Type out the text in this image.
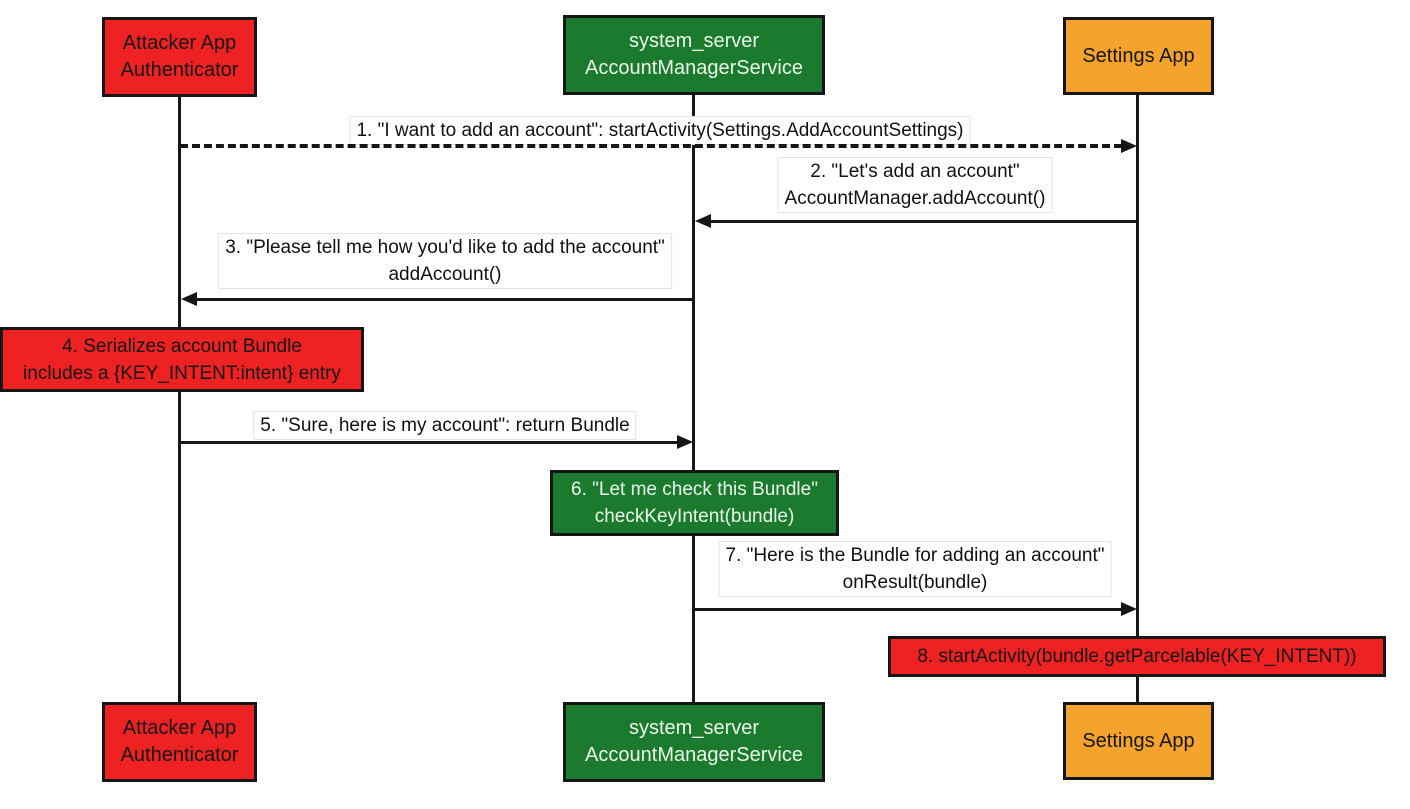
Attacker App
Authenticator
system_server
AccountManagerService
Settings App
Attacker App
Authenticator
system_server
AccountManagerService
Settings App
1. "I want to add an account": startActivity(Settings.AddAccountSettings)
2. "Let's add an account"
AccountManager.addAccount()
3. "Please tell me how you'd like to add the account"
addAccount()
4. Serializes account Bundle
includes a {KEY_INTENT:intent} entry
5. "Sure, here is my account": return Bundle
6. "Let me check this Bundle"
checkKeyIntent(bundle)
7. "Here is the Bundle for adding an account"
onResult(bundle)
8. startActivity(bundle.getParcelable(KEY_INTENT))
